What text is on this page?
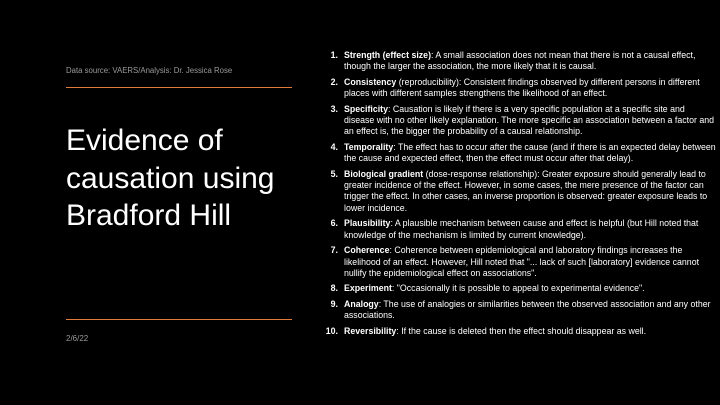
Data source: VAERS/Analysis: Dr. Jessica Rose
Evidence of causation using Bradford Hill
2/6/22
1. Strength (effect size): A small association does not mean that there is not a causal effect, though the larger the association, the more likely that it is causal.
2. Consistency (reproducibility): Consistent findings observed by different persons in different places with different samples strengthens the likelihood of an effect.
3. Specificity: Causation is likely if there is a very specific population at a specific site and disease with no other likely explanation. The more specific an association between a factor and an effect is, the bigger the probability of a causal relationship.
4. Temporality: The effect has to occur after the cause (and if there is an expected delay between the cause and expected effect, then the effect must occur after that delay).
5. Biological gradient (dose-response relationship): Greater exposure should generally lead to greater incidence of the effect. However, in some cases, the mere presence of the factor can trigger the effect. In other cases, an inverse proportion is observed: greater exposure leads to lower incidence.
6. Plausibility: A plausible mechanism between cause and effect is helpful (but Hill noted that knowledge of the mechanism is limited by current knowledge).
7. Coherence: Coherence between epidemiological and laboratory findings increases the likelihood of an effect. However, Hill noted that "... lack of such [laboratory] evidence cannot nullify the epidemiological effect on associations".
8. Experiment: "Occasionally it is possible to appeal to experimental evidence".
9. Analogy: The use of analogies or similarities between the observed association and any other associations.
10. Reversibility: If the cause is deleted then the effect should disappear as well.
